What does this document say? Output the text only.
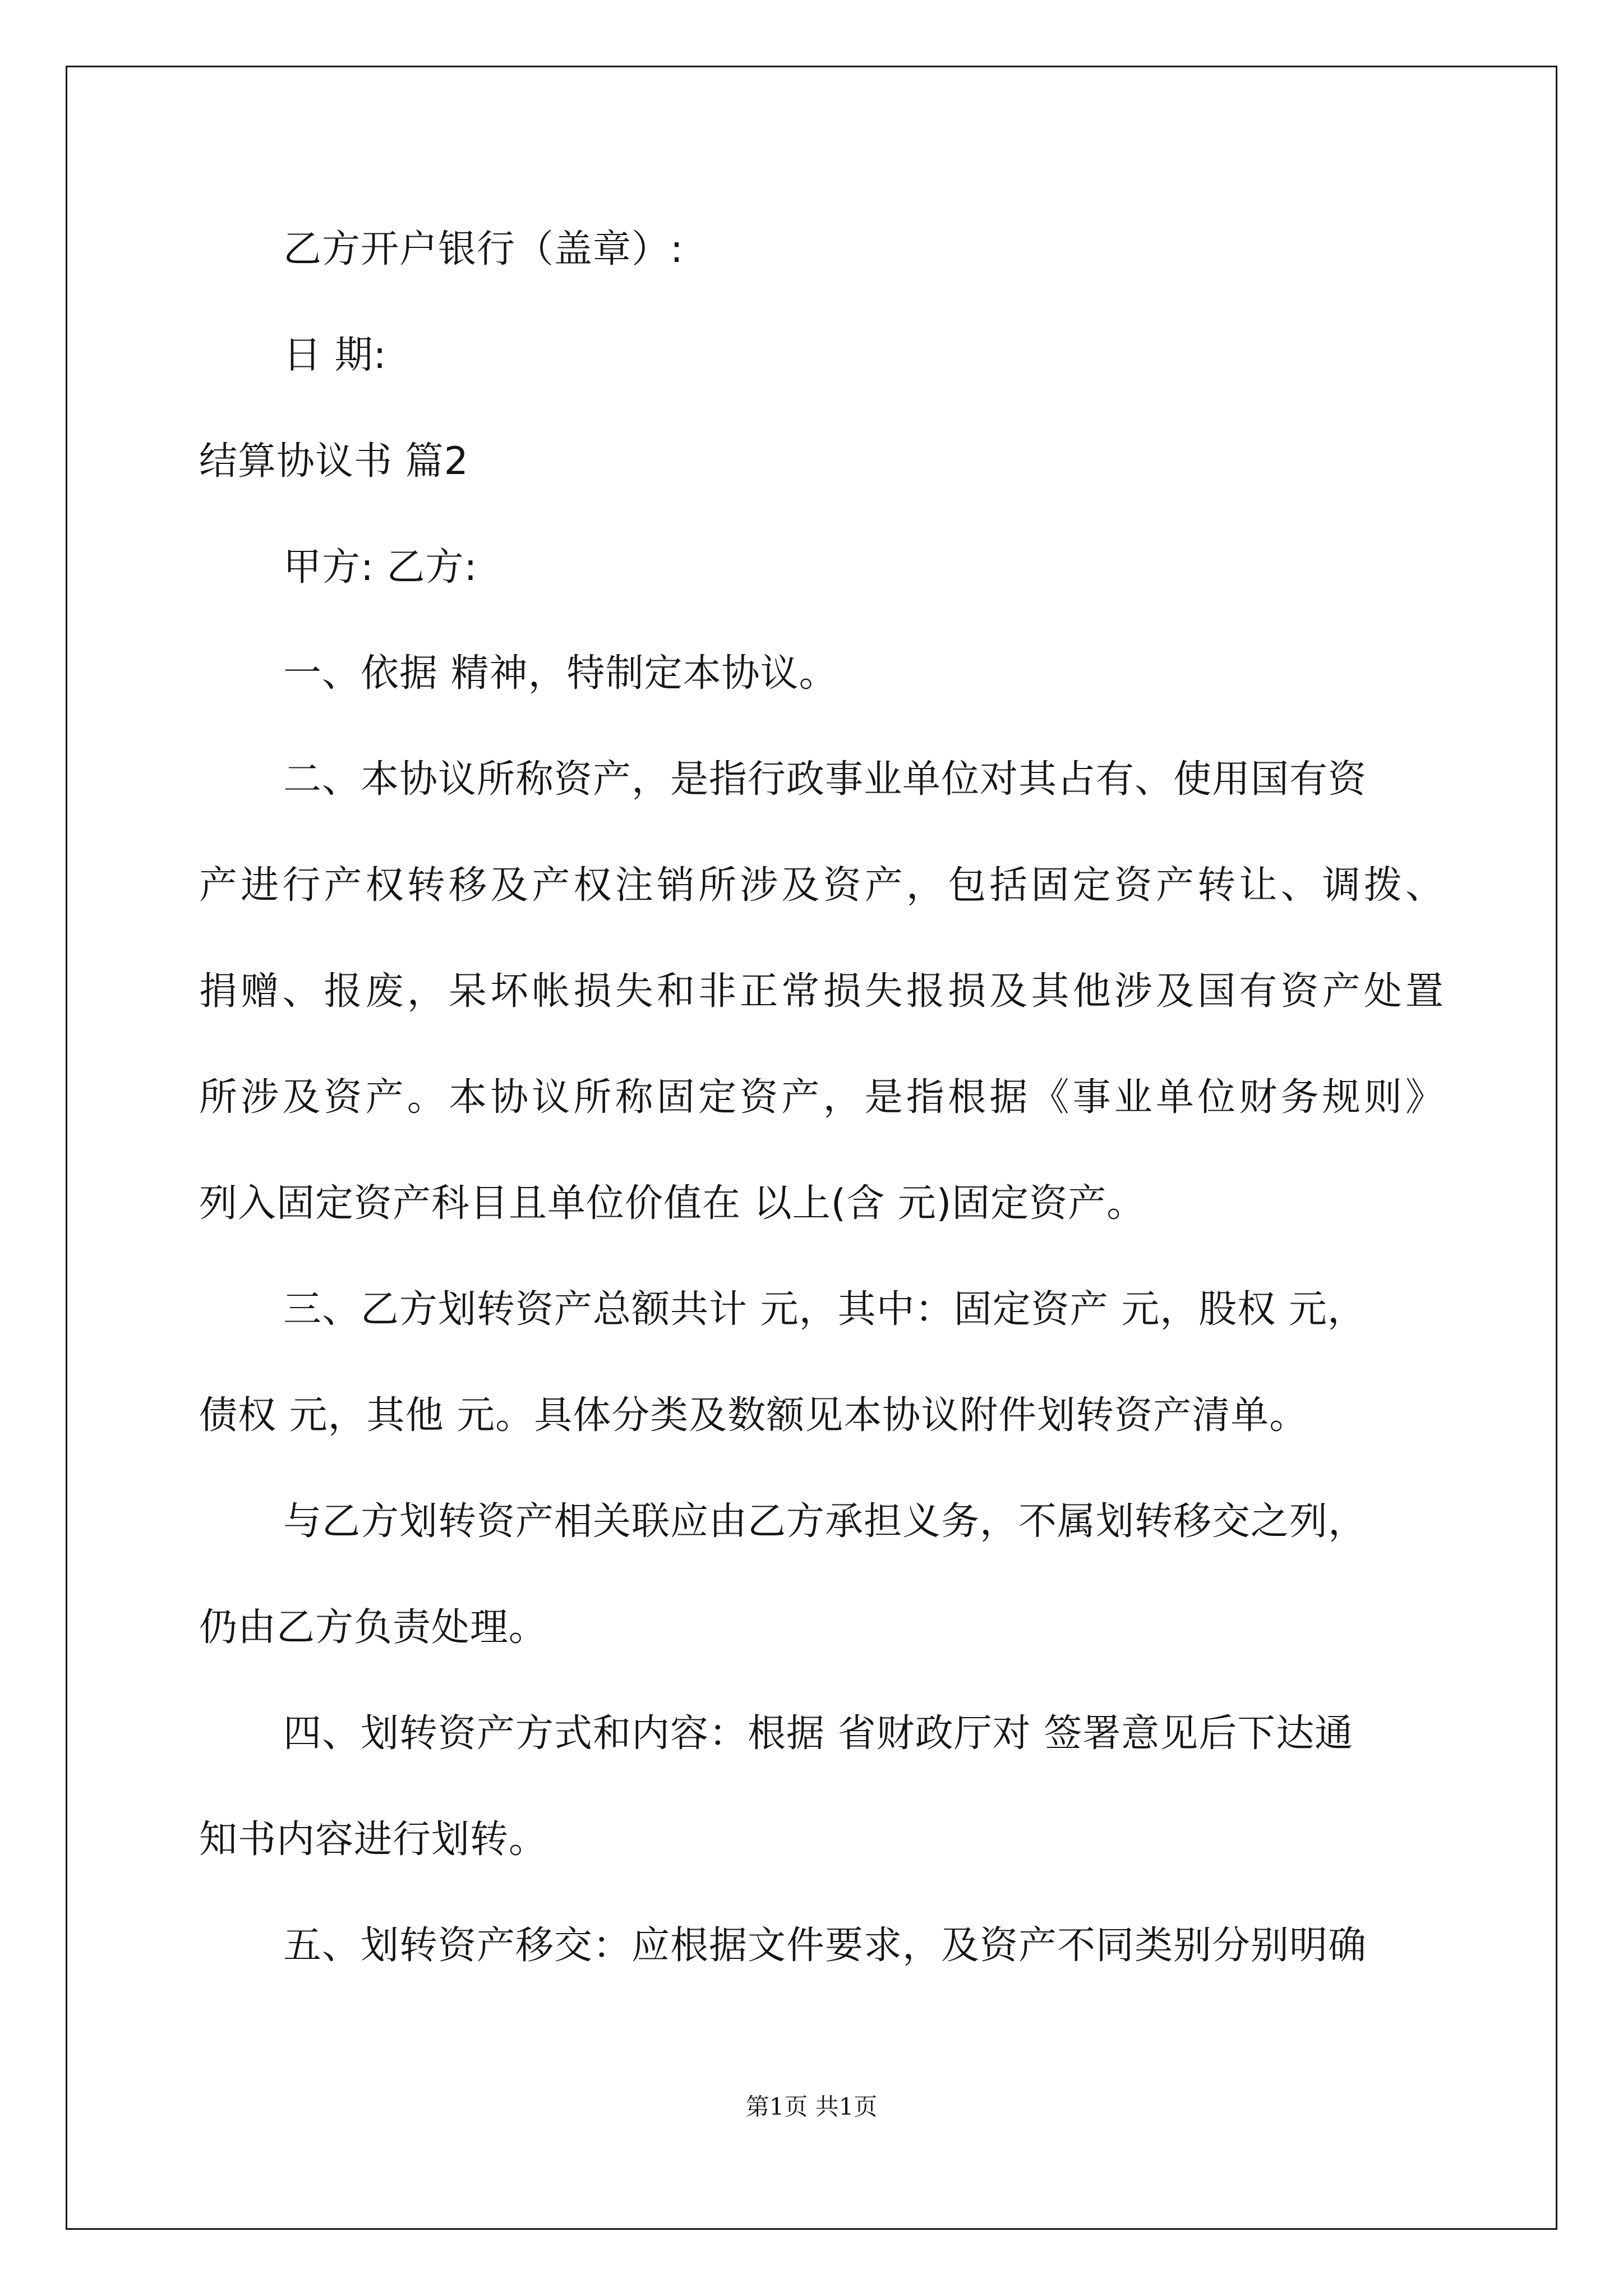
乙方开户银行（盖章）:
日 期:
结算协议书 篇2
甲方: 乙方:
一、依据 精神，特制定本协议。
二、本协议所称资产，是指行政事业单位对其占有、使用国有资
产进行产权转移及产权注销所涉及资产，包括固定资产转让、调拨、
捐赠、报废，呆坏帐损失和非正常损失报损及其他涉及国有资产处置
所涉及资产。本协议所称固定资产，是指根据《事业单位财务规则》
列入固定资产科目且单位价值在 以上(含 元)固定资产。
三、乙方划转资产总额共计 元，其中：固定资产 元，股权 元，
债权 元，其他 元。具体分类及数额见本协议附件划转资产清单。
与乙方划转资产相关联应由乙方承担义务，不属划转移交之列，
仍由乙方负责处理。
四、划转资产方式和内容：根据 省财政厅对 签署意见后下达通
知书内容进行划转。
五、划转资产移交：应根据文件要求，及资产不同类别分别明确
第1页 共1页
